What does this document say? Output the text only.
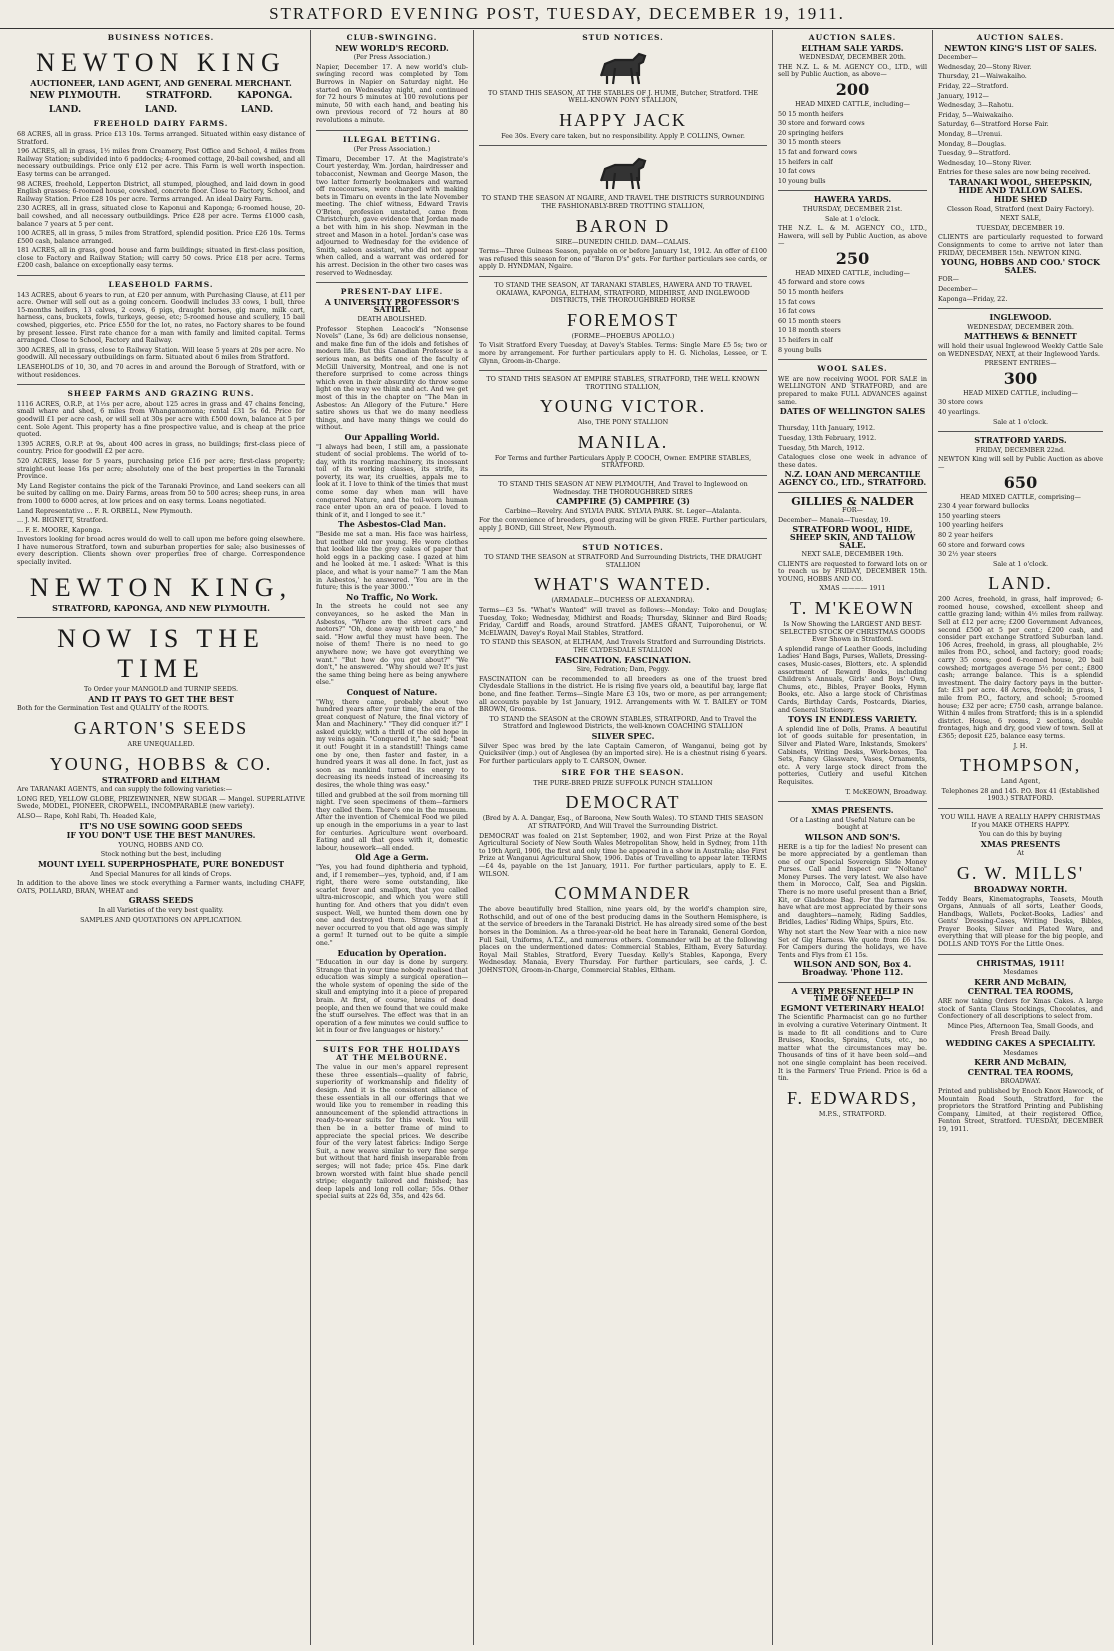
STRATFORD EVENING POST, TUESDAY, DECEMBER 19, 1911.
BUSINESS NOTICES.
NEWTON KING
AUCTIONEER, LAND AGENT, AND GENERAL MERCHANT.
NEW PLYMOUTH.	STRATFORD.	KAPONGA.
LAND.	LAND.	LAND.
FREEHOLD DAIRY FARMS.
68 ACRES, all in grass. Price £13 10s. Terms arranged. Situated within easy distance of Stratford.
196 ACRES, all in grass, 1½ miles from Creamery, Post Office and School, 4 miles from Railway Station; subdivided into 6 paddocks; 4-roomed cottage, 20-bail cowshed, and all necessary outbuildings. Price only £12 per acre. This Farm is well worth inspection. Easy terms can be arranged.
98 ACRES, freehold, Lepperton District, all stumped, ploughed, and laid down in good English grasses; 6-roomed house, cowshed, concrete floor. Close to Factory, School, and Railway Station. Price £28 10s per acre. Terms arranged. An ideal Dairy Farm.
230 ACRES, all in grass, situated close to Kaponui and Kaponga; 6-roomed house, 20-bail cowshed, and all necessary outbuildings. Price £28 per acre. Terms £1000 cash, balance 7 years at 5 per cent.
100 ACRES, all in grass, 5 miles from Stratford, splendid position. Price £26 10s. Terms £500 cash, balance arranged.
181 ACRES, all in grass, good house and farm buildings; situated in first-class position, close to Factory and Railway Station; will carry 50 cows. Price £18 per acre. Terms £200 cash, balance on exceptionally easy terms.
LEASEHOLD FARMS.
143 ACRES, about 6 years to run, at £20 per annum, with Purchasing Clause, at £11 per acre. Owner will sell out as a going concern. Goodwill includes 33 cows, 1 bull, three 15-months heifers, 13 calves, 2 cows, 6 pigs, draught horses, gig mare, milk cart, harness, cans, buckets, fowls, turkeys, geese, etc; 5-roomed house and scullery, 15 bail cowshed, piggeries, etc. Price £550 for the lot, no rates, no Factory shares to be found by present lessee. First rate chance for a man with family and limited capital. Terms arranged. Close to School, Factory and Railway.
300 ACRES, all in grass, close to Railway Station. Will lease 5 years at 20s per acre. No goodwill. All necessary outbuildings on farm. Situated about 6 miles from Stratford.
LEASEHOLDS of 10, 30, and 70 acres in and around the Borough of Stratford, with or without residences.
SHEEP FARMS AND GRAZING RUNS.
1116 ACRES, O.R.P., at 1½s per acre, about 125 acres in grass and 47 chains fencing, small whare and shed, 6 miles from Whangamomona; rental £31 5s 6d. Price for goodwill £1 per acre cash, or will sell at 30s per acre with £500 down, balance at 5 per cent. Sole Agent. This property has a fine prospective value, and is cheap at the price quoted.
1395 ACRES, O.R.P. at 9s, about 400 acres in grass, no buildings; first-class piece of country. Price for goodwill £2 per acre.
520 ACRES, lease for 5 years, purchasing price £16 per acre; first-class property; straight-out lease 16s per acre; absolutely one of the best properties in the Taranaki Province.
My Land Register contains the pick of the Taranaki Province, and Land seekers can all be suited by calling on me. Dairy Farms, areas from 50 to 500 acres; sheep runs, in area from 1000 to 6000 acres, at low prices and on easy terms. Loans negotiated.
Land Representative ... F. R. ORBELL, New Plymouth.
... J. M. BIGNETT, Stratford.
... F. E. MOORE, Kaponga.
Investors looking for broad acres would do well to call upon me before going elsewhere. I have numerous Stratford, town and suburban properties for sale; also businesses of every description. Clients shown over properties free of charge. Correspondence specially invited.
NEWTON KING,
STRATFORD, KAPONGA, AND NEW PLYMOUTH.
NOW IS THE TIME
To Order your MANGOLD and TURNIP SEEDS.
AND IT PAYS TO GET THE BEST
Both for the Germination Test and QUALITY of the ROOTS.
GARTON'S SEEDS
ARE UNEQUALLED.
YOUNG, HOBBS & CO.
STRATFORD and ELTHAM
Are TARANAKI AGENTS, and can supply the following varieties:—
LONG RED, YELLOW GLOBE, PRIZEWINNER, NEW SUGAR — Mangel. SUPERLATIVE Swede, MODEL, PIONEER, CROPWELL, INCOMPARABLE (new variety).
ALSO— Rape, Kohl Rabi, Th. Headed Kale,
IT'S NO USE SOWING GOOD SEEDS
IF YOU DON'T USE THE BEST MANURES.
YOUNG, HOBBS AND CO.
Stock nothing but the best, including
MOUNT LYELL SUPERPHOSPHATE, PURE BONEDUST
And Special Manures for all kinds of Crops.
In addition to the above lines we stock everything a Farmer wants, including CHAFF, OATS, POLLARD, BRAN, WHEAT and
GRASS SEEDS
In all Varieties of the very best quality.
SAMPLES AND QUOTATIONS ON APPLICATION.
CLUB-SWINGING.
NEW WORLD'S RECORD.
(Per Press Association.)
Napier, December 17. A new world's club-swinging record was completed by Tom Burrows in Napier on Saturday night. He started on Wednesday night, and continued for 72 hours 5 minutes at 100 revolutions per minute, 50 with each hand, and beating his own previous record of 72 hours at 80 revolutions a minute.
ILLEGAL BETTING.
(Per Press Association.)
Timaru, December 17. At the Magistrate's Court yesterday, Wm. Jordan, hairdresser and tobacconist, Newman and George Mason, the two latter formerly bookmakers and warned off racecourses, were charged with making bets in Timaru on events in the late November meeting. The chief witness, Edward Travis O'Brien, profession unstated, came from Christchurch, gave evidence that Jordan made a bet with him in his shop. Newman in the street and Mason in a hotel. Jordan's case was adjourned to Wednesday for the evidence of Smith, saloon assistant, who did not appear when called, and a warrant was ordered for his arrest. Decision in the other two cases was reserved to Wednesday.
PRESENT-DAY LIFE.
A UNIVERSITY PROFESSOR'S SATIRE.
DEATH ABOLISHED.
Professor Stephen Leacock's "Nonsense Novels" (Lane, 3s 6d) are delicious nonsense, and make fine fun of the idols and fetishes of modern life. But this Canadian Professor is a serious man, as befits one of the faculty of McGill University, Montreal, and one is not therefore surprised to come across things which even in their absurdity do throw some light on the way we think and act. And we get most of this in the chapter on "The Man in Asbestos: An Allegory of the Future." Here satire shows us that we do many needless things, and have many things we could do without.
Our Appalling World.
"I always had been, I still am, a passionate student of social problems. The world of to-day, with its roaring machinery, its incessant toil of its working classes, its strife, its poverty, its war, its cruelties, appals me to look at it. I love to think of the times that must come some day when man will have conquered Nature, and the toil-worn human race enter upon an era of peace. I loved to think of it, and I longed to see it."
The Asbestos-Clad Man.
"Beside me sat a man. His face was hairless, but neither old nor young. He wore clothes that looked like the grey cakes of paper that hold eggs in a packing case. I gazed at him and he looked at me. I asked: 'What is this place, and what is your name?' 'I am the Man in Asbestos,' he answered. 'You are in the future; this is the year 3000.'"
No Traffic, No Work.
In the streets he could not see any conveyances, so he asked the Man in Asbestos, "Where are the street cars and motors?" "Oh, done away with long ago," he said. "How awful they must have been. The noise of them! There is no need to go anywhere now; we have got everything we want." "But how do you get about?" "We don't," he answered. "Why should we? It's just the same thing being here as being anywhere else."
Conquest of Nature.
"Why, there came, probably about two hundred years after your time, the era of the great conquest of Nature, the final victory of Man and Machinery." "They did conquer it?" I asked quickly, with a thrill of the old hope in my veins again. "Conquered it," he said; "beat it out! Fought it in a standstill! Things came one by one, then faster and faster, in a hundred years it was all done. In fact, just as soon as mankind turned its energy to decreasing its needs instead of increasing its desires, the whole thing was easy."
tilled and grubbed at the soil from morning till night. I've seen specimens of them—farmers they called them. There's one in the museum. After the invention of Chemical Food we piled up enough in the emporiums in a year to last for centuries. Agriculture went overboard. Eating and all that goes with it, domestic labour, housework—all ended.
Old Age a Germ.
"Yes, you had found diphtheria and typhoid, and, if I remember—yes, typhoid, and, if I am right, there were some outstanding, like scarlet fever and smallpox, that you called ultra-microscopic, and which you were still hunting for. And others that you didn't even suspect. Well, we hunted them down one by one and destroyed them. Strange, that it never occurred to you that old age was simply a germ! It turned out to be quite a simple one."
Education by Operation.
"Education in our day is done by surgery. Strange that in your time nobody realised that education was simply a surgical operation—the whole system of opening the side of the skull and emptying into it a piece of prepared brain. At first, of course, brains of dead people, and then we found that we could make the stuff ourselves. The effect was that in an operation of a few minutes we could suffice to let in four or five languages or history."
SUITS FOR THE HOLIDAYS AT THE MELBOURNE.
The value in our men's apparel represent these three essentials—quality of fabric, superiority of workmanship and fidelity of design. And it is the consistent alliance of these essentials in all our offerings that we would like you to remember in reading this announcement of the splendid attractions in ready-to-wear suits for this week. You will then be in a better frame of mind to appreciate the special prices. We describe four of the very latest fabrics: Indigo Serge Suit, a new weave similar to very fine serge but without that hard finish inseparable from serges; will not fade; price 45s. Fine dark brown worsted with faint blue shade pencil stripe; elegantly tailored and finished; has deep lapels and long roll collar; 55s. Other special suits at 22s 6d, 35s, and 42s 6d.
STUD NOTICES.
TO STAND THIS SEASON, AT THE STABLES OF J. HUME, Butcher, Stratford. THE WELL-KNOWN PONY STALLION,
HAPPY JACK
Fee 30s. Every care taken, but no responsibility. Apply P. COLLINS, Owner.
TO STAND THE SEASON AT NGAIRE, AND TRAVEL THE DISTRICTS SURROUNDING THE FASHIONABLY-BRED TROTTING STALLION,
BARON D
SIRE—DUNEDIN CHILD. DAM—CALAIS.
Terms—Three Guineas Season, payable on or before January 1st, 1912. An offer of £100 was refused this season for one of "Baron D's" gets. For further particulars see cards, or apply D. HYNDMAN, Ngaire.
TO STAND THE SEASON, AT TARANAKI STABLES, HAWERA AND TO TRAVEL OKAIAWA, KAPONGA, ELTHAM, STRATFORD, MIDHIRST, AND INGLEWOOD DISTRICTS, THE THOROUGHBRED HORSE
FOREMOST
(FORME—PHOEBUS APOLLO.)
To Visit Stratford Every Tuesday, at Davey's Stables. Terms: Single Mare £5 5s; two or more by arrangement. For further particulars apply to H. G. Nicholas, Lessee, or T. Glynn, Groom-in-Charge.
TO STAND THIS SEASON AT EMPIRE STABLES, STRATFORD, THE WELL KNOWN TROTTING STALLION,
YOUNG VICTOR.
Also, THE PONY STALLION
MANILA.
For Terms and further Particulars Apply P. COOCH, Owner. EMPIRE STABLES, STRATFORD.
TO STAND THIS SEASON AT NEW PLYMOUTH, And Travel to Inglewood on Wednesday. THE THOROUGHBRED SIRES
CAMPFIRE (5) CAMPFIRE (3)
Carbine—Revelry. And SYLVIA PARK. SYLVIA PARK. St. Leger—Atalanta.
For the convenience of breeders, good grazing will be given FREE. Further particulars, apply J. BOND, Gill Street, New Plymouth.
STUD NOTICES.
TO STAND THE SEASON at STRATFORD And Surrounding Districts, THE DRAUGHT STALLION
WHAT'S WANTED.
(ARMADALE—DUCHESS OF ALEXANDRA).
Terms—£3 5s. "What's Wanted" will travel as follows:—Monday: Toko and Douglas; Tuesday, Toko; Wednesday, Midhirst and Roads; Thursday, Skinner and Bird Roads; Friday, Cardiff and Roads, around Stratford. JAMES GRANT, Tuiporohenui, or W. McELWAIN, Davey's Royal Mail Stables, Stratford.
TO STAND this SEASON, at ELTHAM, And Travels Stratford and Surrounding Districts. THE CLYDESDALE STALLION
FASCINATION. FASCINATION.
Sire, Fedration; Dam, Peggy.
FASCINATION can be recommended to all breeders as one of the truest bred Clydesdale Stallions in the district. He is rising five years old, a beautiful bay, large flat bone, and fine feather. Terms—Single Mare £3 10s, two or more, as per arrangement; all accounts payable by 1st January, 1912. Arrangements with W. T. BAILEY or TOM BROWN, Grooms.
TO STAND the SEASON at the CROWN STABLES, STRATFORD, And to Travel the Stratford and Inglewood Districts, the well-known COACHING STALLION
SILVER SPEC.
Silver Spec was bred by the late Captain Cameron, of Wanganui, being got by Quicksilver (imp.) out of Anglesea (by an imported sire). He is a chestnut rising 6 years. For further particulars apply to T. CARSON, Owner.
SIRE FOR THE SEASON.
THE PURE-BRED PRIZE SUFFOLK PUNCH STALLION
DEMOCRAT
(Bred by A. A. Dangar, Esq., of Baroona, New South Wales). TO STAND THIS SEASON AT STRATFORD, And Will Travel the Surrounding District.
DEMOCRAT was foaled on 21st September, 1902, and won First Prize at the Royal Agricultural Society of New South Wales Metropolitan Show, held in Sydney, from 11th to 19th April, 1906, the first and only time he appeared in a show in Australia; also First Prize at Wanganui Agricultural Show, 1906. Dates of Travelling to appear later. TERMS—£4 4s, payable on the 1st January, 1911. For further particulars, apply to E. E. WILSON.
COMMANDER
The above beautifully bred Stallion, nine years old, by the world's champion sire, Rothschild, and out of one of the best producing dams in the Southern Hemisphere, is at the service of breeders in the Taranaki District. He has already sired some of the best horses in the Dominion. As a three-year-old he beat here in Taranaki, General Gordon, Full Sail, Uniforms, A.T.Z., and numerous others. Commander will be at the following places on the undermentioned dates: Commercial Stables, Eltham, Every Saturday. Royal Mail Stables, Stratford, Every Tuesday. Kelly's Stables, Kaponga, Every Wednesday. Manaia, Every Thursday. For further particulars, see cards, J. C. JOHNSTON, Groom-in-Charge, Commercial Stables, Eltham.
AUCTION SALES.
ELTHAM SALE YARDS.
WEDNESDAY, DECEMBER 20th.
THE N.Z. L. & M. AGENCY CO., LTD., will sell by Public Auction, as above—
200
HEAD MIXED CATTLE, including—
50 15 month heifers
30 store and forward cows
20 springing heifers
30 15 month steers
15 fat and forward cows
15 heifers in calf
10 fat cows
10 young bulls
HAWERA YARDS.
THURSDAY, DECEMBER 21st.
Sale at 1 o'clock.
THE N.Z. L. & M. AGENCY CO., LTD., Hawera, will sell by Public Auction, as above—
250
HEAD MIXED CATTLE, including—
45 forward and store cows
50 15 month heifers
15 fat cows
16 fat cows
60 15 month steers
10 18 month steers
15 heifers in calf
8 young bulls
WOOL SALES.
WE are now receiving WOOL FOR SALE in WELLINGTON AND STRATFORD, and are prepared to make FULL ADVANCES against same.
DATES OF WELLINGTON SALES—
Thursday, 11th January, 1912.
Tuesday, 13th February, 1912.
Tuesday, 5th March, 1912.
Catalogues close one week in advance of these dates.
N.Z. LOAN AND MERCANTILE AGENCY CO., LTD., STRATFORD.
GILLIES & NALDER
FOR—
December— Manaia—Tuesday, 19.
STRATFORD WOOL, HIDE, SHEEP SKIN, AND TALLOW SALE.
NEXT SALE, DECEMBER 19th.
CLIENTS are requested to forward lots on or to reach us by FRIDAY, DECEMBER 15th. YOUNG, HOBBS AND CO.
XMAS ———— 1911
T. M'KEOWN
Is Now Showing the LARGEST AND BEST-SELECTED STOCK OF CHRISTMAS GOODS Ever Shown in Stratford.
A splendid range of Leather Goods, including Ladies' Hand Bags, Purses, Wallets, Dressing-cases, Music-cases, Blotters, etc. A splendid assortment of Reward Books, including Children's Annuals, Girls' and Boys' Own, Chums, etc., Bibles, Prayer Books, Hymn Books, etc. Also a large stock of Christmas Cards, Birthday Cards, Postcards, Diaries, and General Stationery.
TOYS IN ENDLESS VARIETY.
A splendid line of Dolls, Prams. A beautiful lot of goods suitable for presentation, in Silver and Plated Ware, Inkstands, Smokers' Cabinets, Writing Desks, Work-boxes, Tea Sets, Fancy Glassware, Vases, Ornaments, etc. A very large stock direct from the potteries, Cutlery and useful Kitchen Requisites.
T. McKEOWN, Broadway.
XMAS PRESENTS.
Of a Lasting and Useful Nature can be bought at
WILSON AND SON'S.
HERE is a tip for the ladies! No present can be more appreciated by a gentleman than one of our Special Sovereign Slide Money Purses. Call and Inspect our "Noltano" Money Purses. The very latest. We also have them in Morocco, Calf, Sea and Pigskin. There is no more useful present than a Brief, Kit, or Gladstone Bag. For the farmers we have what are most appreciated by their sons and daughters—namely, Riding Saddles, Bridles, Ladies' Riding Whips, Spurs, Etc.
Why not start the New Year with a nice new Set of Gig Harness. We quote from £6 15s. For Campers during the holidays, we have Tents and Flys from £1 15s.
WILSON AND SON, Box 4. Broadway. 'Phone 112.
A VERY PRESENT HELP IN TIME OF NEED—
EGMONT VETERINARY HEALO!
The Scientific Pharmacist can go no further in evolving a curative Veterinary Ointment. It is made to fit all conditions and to Cure Bruises, Knocks, Sprains, Cuts, etc., no matter what the circumstances may be. Thousands of tins of it have been sold—and not one single complaint has been received. It is the Farmers' True Friend. Price is 6d a tin.
F. EDWARDS,
M.P.S., STRATFORD.
AUCTION SALES.
NEWTON KING'S LIST OF SALES.
December—
Wednesday, 20—Stony River.
Thursday, 21—Waiwakaiho.
Friday, 22—Stratford.
January, 1912—
Wednesday, 3—Rahotu.
Friday, 5—Waiwakaiho.
Saturday, 6—Stratford Horse Fair.
Monday, 8—Urenui.
Monday, 8—Douglas.
Tuesday, 9—Stratford.
Wednesday, 10—Stony River.
Entries for these sales are now being received.
TARANAKI WOOL, SHEEPSKIN, HIDE AND TALLOW SALES.
HIDE SHED
Clesson Road, Stratford (next Dairy Factory).
NEXT SALE,
TUESDAY, DECEMBER 19.
CLIENTS are particularly requested to forward Consignments to come to arrive not later than FRIDAY, DECEMBER 15th. NEWTON KING.
YOUNG, HOBBS AND COO.' STOCK SALES.
FOR—
December—
Kaponga—Friday, 22.
INGLEWOOD.
WEDNESDAY, DECEMBER 20th.
MATTHEWS & BENNETT
will hold their usual Inglewood Weekly Cattle Sale on WEDNESDAY, NEXT, at their Inglewood Yards.
PRESENT ENTRIES—
300
HEAD MIXED CATTLE, including—
30 store cows
40 yearlings.
Sale at 1 o'clock.
STRATFORD YARDS.
FRIDAY, DECEMBER 22nd.
NEWTON King will sell by Public Auction as above—
650
HEAD MIXED CATTLE, comprising—
230 4 year forward bullocks
150 yearling steers
100 yearling heifers
80 2 year heifers
60 store and forward cows
30 2½ year steers
Sale at 1 o'clock.
LAND.
200 Acres, freehold, in grass, half improved; 6-roomed house, cowshed, excellent sheep and cattle grazing land; within 4½ miles from railway. Sell at £12 per acre; £200 Government Advances, second £500 at 5 per cent.; £200 cash, and consider part exchange Stratford Suburban land. 106 Acres, freehold, in grass, all ploughable, 2½ miles from P.O., school, and factory; good roads; carry 35 cows; good 6-roomed house, 20 bail cowshed; mortgages average 5½ per cent.; £800 cash; arrange balance. This is a splendid investment. The dairy factory pays in the butter-fat: £31 per acre. 48 Acres, freehold; in grass, 1 mile from P.O., factory, and school; 5-roomed house; £32 per acre; £750 cash, arrange balance. Within 4 miles from Stratford; this is in a splendid district. House, 6 rooms, 2 sections, double frontages, high and dry, good view of town. Sell at £365; deposit £25, balance easy terms.
J. H.
THOMPSON,
Land Agent,
Telephones 28 and 145. P.O. Box 41 (Established 1903.) STRATFORD.
YOU WILL HAVE A REALLY HAPPY CHRISTMAS If you MAKE OTHERS HAPPY.
You can do this by buying
XMAS PRESENTS
At
G. W. MILLS'
BROADWAY NORTH.
Teddy Bears, Kinematographs, Teasets, Mouth Organs, Annuals of all sorts, Leather Goods, Handbags, Wallets, Pocket-Books, Ladies' and Gents' Dressing-Cases, Writing Desks, Bibles, Prayer Books, Silver and Plated Ware, and everything that will please for the big people, and DOLLS AND TOYS For the Little Ones.
CHRISTMAS, 1911!
Mesdames
KERR AND McBAIN,
CENTRAL TEA ROOMS,
ARE now taking Orders for Xmas Cakes. A large stock of Santa Claus Stockings, Chocolates, and Confectionery of all descriptions to select from.
Mince Pies, Afternoon Tea, Small Goods, and Fresh Bread Daily.
WEDDING CAKES A SPECIALITY.
Mesdames
KERR AND McBAIN,
CENTRAL TEA ROOMS,
BROADWAY.
Printed and published by Enoch Knox Hawcock, of Mountain Road South, Stratford, for the proprietors the Stratford Printing and Publishing Company, Limited, at their registered Office, Fenton Street, Stratford. TUESDAY, DECEMBER 19, 1911.
